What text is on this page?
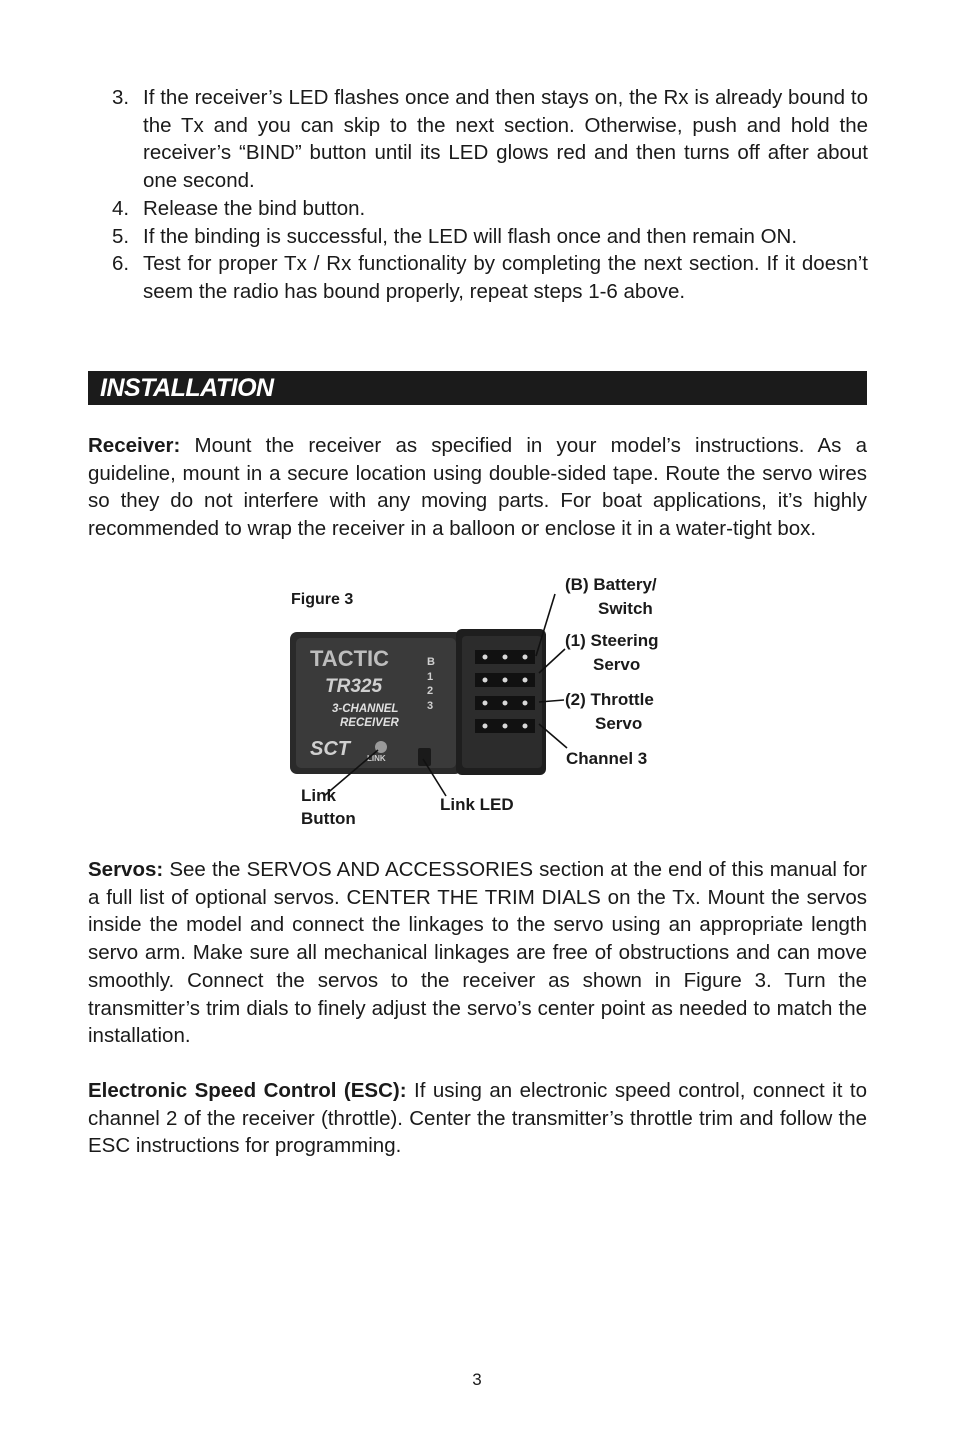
3. If the receiver’s LED flashes once and then stays on, the Rx is already bound to the Tx and you can skip to the next section. Otherwise, push and hold the receiver’s “BIND” button until its LED glows red and then turns off after about one second.
4. Release the bind button.
5. If the binding is successful, the LED will flash once and then remain ON.
6. Test for proper Tx / Rx functionality by completing the next section. If it doesn’t seem the radio has bound properly, repeat steps 1-6 above.
INSTALLATION

Receiver: Mount the receiver as specified in your model’s instructions. As a guideline, mount in a secure location using double-sided tape. Route the servo wires so they do not interfere with any moving parts. For boat applications, it’s highly recommended to wrap the receiver in a balloon or enclose it in a water-tight box.

TACTIC
TR325
3-CHANNEL
RECEIVER
SCT LINK
B
1
2
3
Figure 3
(B) Battery/
Switch
(1) Steering
Servo
(2) Throttle
Servo
Channel 3
Link
Button
Link LED

Servos: See the SERVOS AND ACCESSORIES section at the end of this manual for a full list of optional servos. CENTER THE TRIM DIALS on the Tx. Mount the servos inside the model and connect the linkages to the servo using an appropriate length servo arm. Make sure all mechanical linkages are free of obstructions and can move smoothly. Connect the servos to the receiver as shown in Figure 3. Turn the transmitter’s trim dials to finely adjust the servo’s center point as needed to match the installation.

Electronic Speed Control (ESC): If using an electronic speed control, connect it to channel 2 of the receiver (throttle). Center the transmitter’s throttle trim and follow the ESC instructions for programming.

3
